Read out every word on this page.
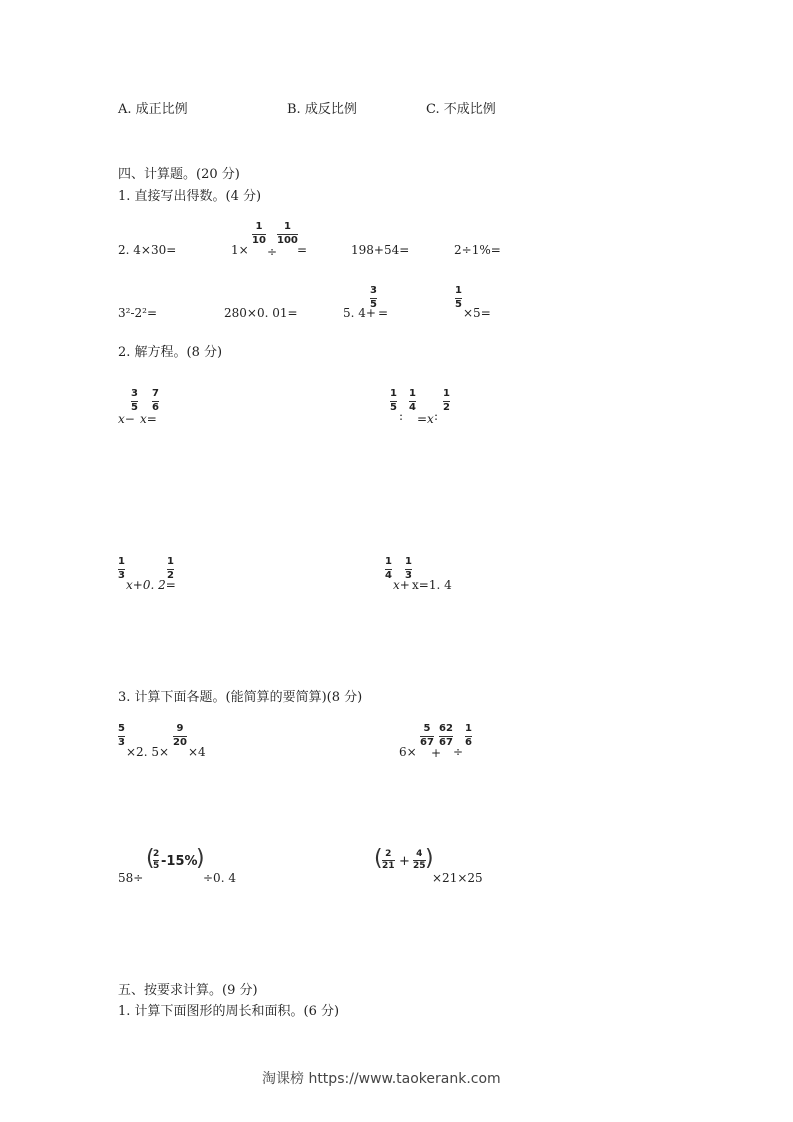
A. 成正比例	B. 成反比例	C. 不成比例
四、计算题。(20 分)
1. 直接写出得数。(4 分)
2. 4×30=	1×
1
10
÷
1
100
=	198+54=	2÷1%=
3²-2²=	280×0. 01=	5. 4+
3
5
=
1
5
×5=
2. 解方程。(8 分)
x−
3
5
x=
7
6
1
5
:
1
4
=x :
1
2
1
3
x+0. 2=
1
2
1
4
x+
1
3
x=1. 4
3. 计算下面各题。(能简算的要简算)(8 分)
5
3
×2. 5×
9
20
×4	6×
5
67
+
62
67
÷
1
6
58÷
(
2
5 -15%
)
÷0. 4
( 2
21 + 4
25 )
×21×25
五、按要求计算。(9 分)
1. 计算下面图形的周长和面积。(6 分)
淘课榜 https://www.taokerank.com
